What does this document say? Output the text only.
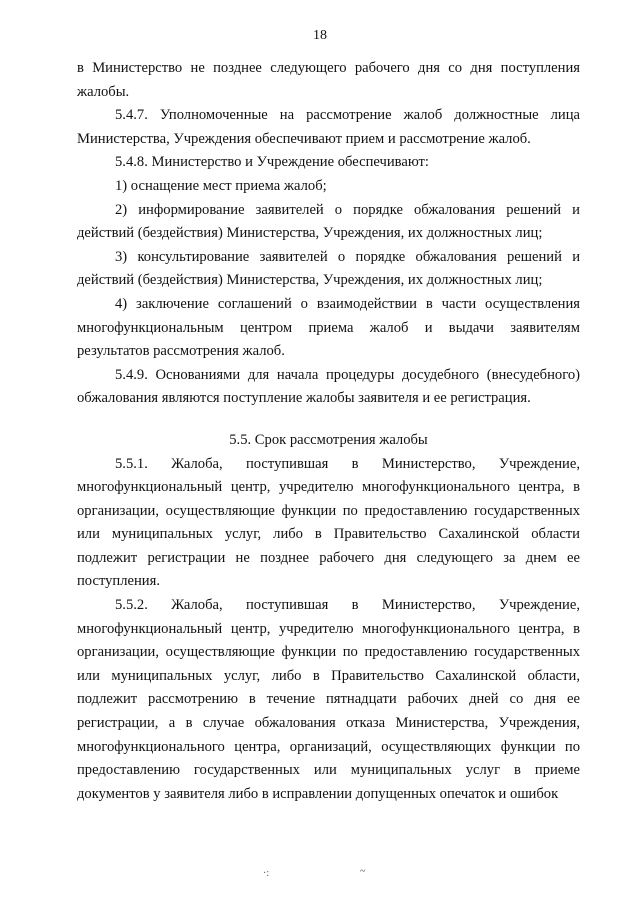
18

в Министерство не позднее следующего рабочего дня со дня поступления жалобы.

5.4.7. Уполномоченные на рассмотрение жалоб должностные лица Министерства, Учреждения обеспечивают прием и рассмотрение жалоб.

5.4.8. Министерство и Учреждение обеспечивают:

1) оснащение мест приема жалоб;

2) информирование заявителей о порядке обжалования решений и действий (бездействия) Министерства, Учреждения, их должностных лиц;

3) консультирование заявителей о порядке обжалования решений и действий (бездействия) Министерства, Учреждения, их должностных лиц;

4) заключение соглашений о взаимодействии в части осуществления многофункциональным центром приема жалоб и выдачи заявителям результатов рассмотрения жалоб.

5.4.9. Основаниями для начала процедуры досудебного (внесудебного) обжалования являются поступление жалобы заявителя и ее регистрация.

5.5. Срок рассмотрения жалобы

5.5.1. Жалоба, поступившая в Министерство, Учреждение, многофункциональный центр, учредителю многофункционального центра, в организации, осуществляющие функции по предоставлению государственных или муниципальных услуг, либо в Правительство Сахалинской области подлежит регистрации не позднее рабочего дня следующего за днем ее поступления.

5.5.2. Жалоба, поступившая в Министерство, Учреждение, многофункциональный центр, учредителю многофункционального центра, в организации, осуществляющие функции по предоставлению государственных или муниципальных услуг, либо в Правительство Сахалинской области, подлежит рассмотрению в течение пятнадцати рабочих дней со дня ее регистрации, а в случае обжалования отказа Министерства, Учреждения, многофункционального центра, организаций, осуществляющих функции по предоставлению государственных или муниципальных услуг в приеме документов у заявителя либо в исправлении допущенных опечаток и ошибок

·:	~
